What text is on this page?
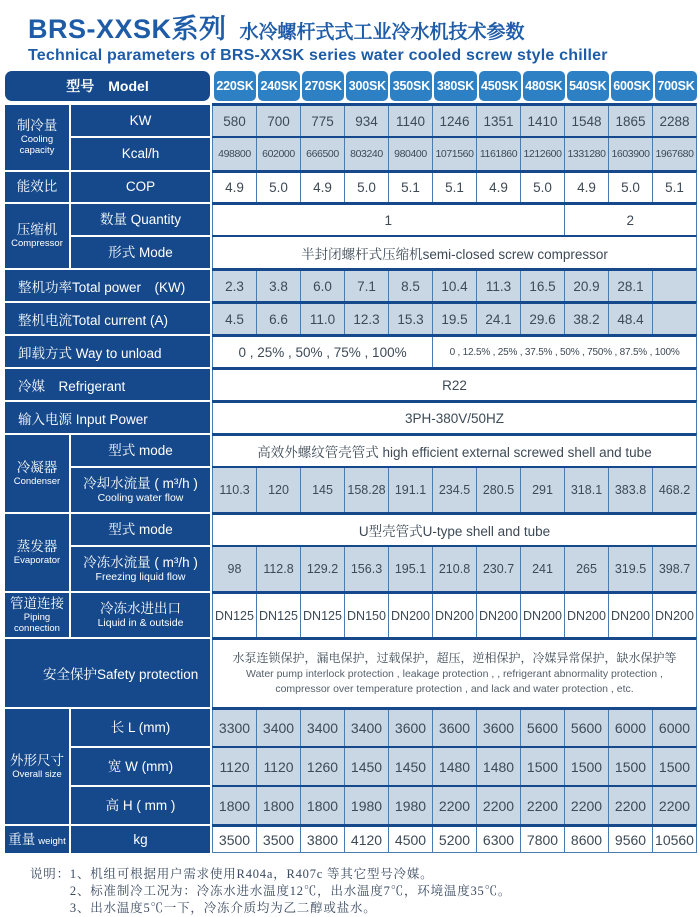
BRS-XXSK系列 水冷螺杆式式工业冷水机技术参数
Technical parameters of BRS-XXSK series water cooled screw style chiller
型号 Model	220SK 240SK 270SK 300SK 350SK 380SK 450SK 480SK 540SK 600SK 700SK
制冷量
Cooling capacity
KW	580	700	775	934	1140	1246	1351	1410	1548	1865	2288
Kcal/h	498800	602000	666500	803240	980400 1071560 1161860 1212600 1331280 1603900 1967680
能效比	COP	4.9	5.0	4.9	5.0	5.1	5.1	4.9	5.0	4.9	5.0	5.1
压缩机
Compressor
数量 Quantity	1	2
形式 Mode	半封闭螺杆式压缩机semi-closed screw compressor
整机功率Total power　(KW)	2.3	3.8	6.0	7.1	8.5	10.4	11.3	16.5	20.9	28.1
整机电流Total current (A)	4.5	6.6	11.0	12.3	15.3	19.5	24.1	29.6	38.2	48.4
卸载方式 Way to unload	0 , 25% , 50% , 75% , 100%	0 , 12.5% , 25% , 37.5% , 50% , 750% , 87.5% , 100%
冷媒　Refrigerant	R22
输入电源 Input Power	3PH-380V/50HZ
冷凝器
Condenser
型式 mode	高效外螺纹管壳管式 high efficient external screwed shell and tube
冷却水流量 ( m³/h )
Cooling water flow
110.3	120	145	158.28 191.1	234.5	280.5	291	318.1	383.8	468.2
蒸发器
Evaporator
型式 mode	U型壳管式U-type shell and tube
冷冻水流量 ( m³/h )
Freezing liquid flow
98	112.8	129.2	156.3	195.1	210.8	230.7	241	265	319.5	398.7
管道连接
Piping connection
冷冻水进出口
Liquid in & outside
DN125 DN125 DN125 DN150 DN200 DN200 DN200 DN200 DN200 DN200 DN200
安全保护Safety protection
水泵连锁保护，漏电保护，过载保护，超压，逆相保护，冷媒异常保护，缺水保护等
Water pump interlock protection , leakage protection , , refrigerant abnormality protection ,
compressor over temperature protection , and lack and water protection , etc.
外形尺寸
Overall size
长 L (mm)	3300 3400 3400 3400 3600 3600 3600 5600 5600 6000 6000
宽 W (mm)	1120 1120 1260 1450 1450 1480 1480 1500 1500 1500 1500
高 H ( mm )	1800 1800 1800 1980 1980 2200 2200 2200 2200 2200 2200
重量 weight	kg	3500 3500 3800 4120 4500 5200 6300 7800 8600 9560 10560
说明： 1、机组可根据用户需求使用R404a，R407c 等其它型号冷媒。
2、标准制冷工况为：冷冻水进水温度12℃，出水温度7℃，环境温度35℃。
3、出水温度5℃一下，冷冻介质均为乙二醇或盐水。
